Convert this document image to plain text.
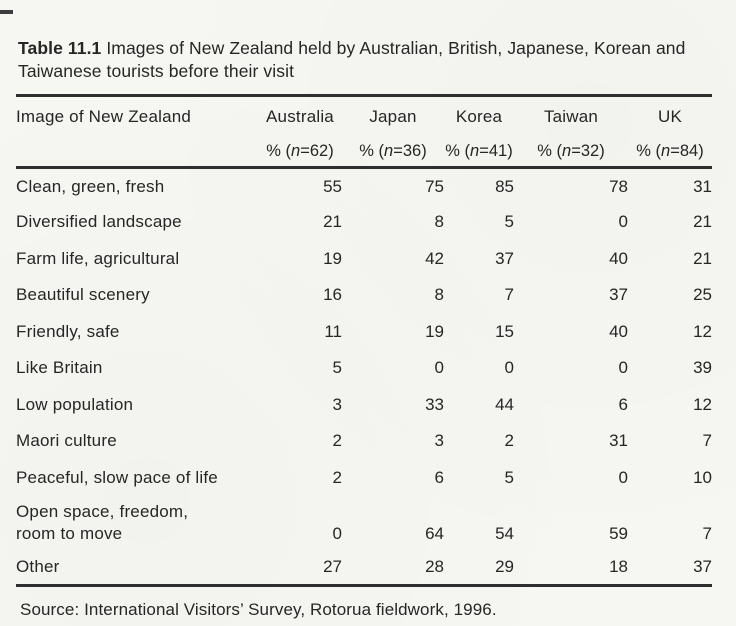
Table 11.1 Images of New Zealand held by Australian, British, Japanese, Korean and Taiwanese tourists before their visit
Image of New Zealand	Australia	Japan	Korea	Taiwan	UK
	% (n=62)	% (n=36)	% (n=41)	% (n=32)	% (n=84)
Clean, green, fresh	55	75	85	78	31
Diversified landscape	21	8	5	0	21
Farm life, agricultural	19	42	37	40	21
Beautiful scenery	16	8	7	37	25
Friendly, safe	11	19	15	40	12
Like Britain	5	0	0	0	39
Low population	3	33	44	6	12
Maori culture	2	3	2	31	7
Peaceful, slow pace of life	2	6	5	0	10
Open space, freedom,
room to move	0	64	54	59	7
Other	27	28	29	18	37
Source: International Visitors’ Survey, Rotorua fieldwork, 1996.
